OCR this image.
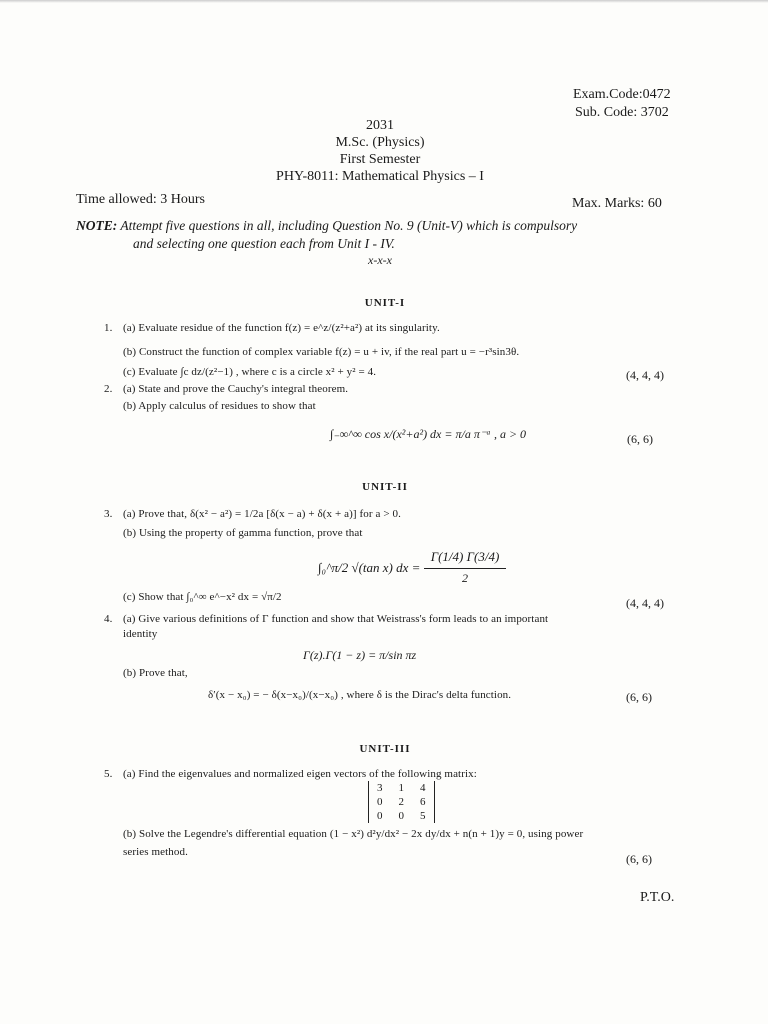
Exam.Code:0472
Sub. Code: 3702
2031
M.Sc. (Physics)
First Semester
PHY-8011: Mathematical Physics – I
Time allowed: 3 Hours	Max. Marks: 60
NOTE: Attempt five questions in all, including Question No. 9 (Unit-V) which is compulsory
and selecting one question each from Unit I - IV.
x-x-x
UNIT-I
1. (a) Evaluate residue of the function f(z) = e^z/(z²+a²) at its singularity.
(b) Construct the function of complex variable f(z) = u + iv, if the real part u = −r³sin3θ.
(c) Evaluate ∫c dz/(z²−1) , where c is a circle x² + y² = 4.	(4, 4, 4)
2. (a) State and prove the Cauchy's integral theorem.
(b) Apply calculus of residues to show that
∫₋∞^∞ cos x/(x²+a²) dx = π/a π⁻ᵃ , a > 0	(6, 6)
UNIT-II
3. (a) Prove that, δ(x² − a²) = 1/2a [δ(x − a) + δ(x + a)] for a > 0.
(b) Using the property of gamma function, prove that
∫₀^π/2 √(tan x) dx =
Γ(1/4) Γ(3/4)
2
(c) Show that ∫₀^∞ e^−x² dx = √π/2	(4, 4, 4)
4. (a) Give various definitions of Γ function and show that Weistrass's form leads to an important
identity
Γ(z).Γ(1 − z) = π/sin πz
(b) Prove that,
δ′(x − x₀) = − δ(x−x₀)/(x−x₀) , where δ is the Dirac's delta function.	(6, 6)
UNIT-III
5. (a) Find the eigenvalues and normalized eigen vectors of the following matrix:
3	1	4
0	2	6
0	0	5
(b) Solve the Legendre's differential equation (1 − x²) d²y/dx² − 2x dy/dx + n(n + 1)y = 0, using power
series method.	(6, 6)
P.T.O.
